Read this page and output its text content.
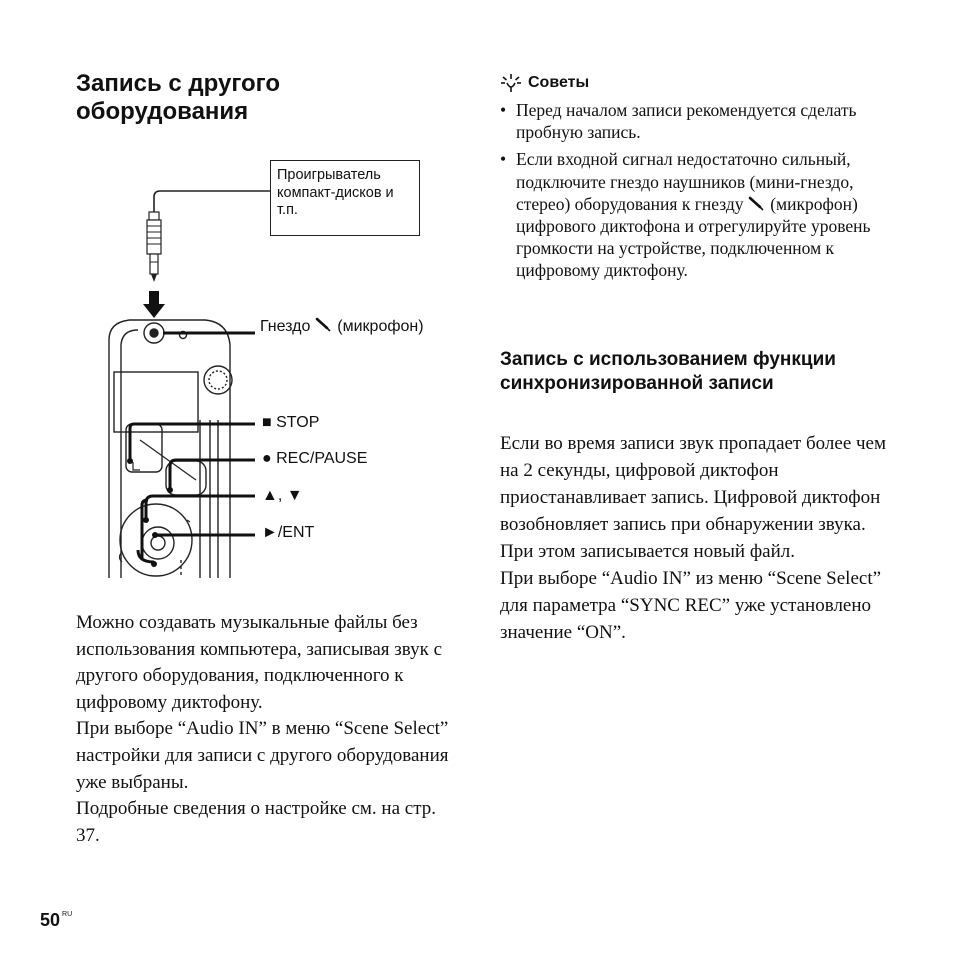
Запись с другого оборудования
Проигрыватель компакт-дисков и т.п.
Гнездо (микрофон)
■ STOP
● REC/PAUSE
▲, ▼
►/ENT

Можно создавать музыкальные файлы без использования компьютера, записывая звук с другого оборудования, подключенного к цифровому диктофону.

При выборе “Audio IN” в меню “Scene Select” настройки для записи с другого оборудования уже выбраны.

Подробные сведения о настройке см. на стр. 37.

Советы
• Перед началом записи рекомендуется сделать пробную запись.
• Если входной сигнал недостаточно сильный, подключите гнездо наушников (мини-гнездо, стерео) оборудования к гнезду (микрофон) цифрового диктофона и отрегулируйте уровень громкости на устройстве, подключенном к цифровому диктофону.
Запись с использованием функции синхронизированной записи

Если во время записи звук пропадает более чем на 2 секунды, цифровой диктофон приостанавливает запись. Цифровой диктофон возобновляет запись при обнаружении звука. При этом записывается новый файл.

При выборе “Audio IN” из меню “Scene Select” для параметра “SYNC REC” уже установлено значение “ON”.

50 $^{RU}$
